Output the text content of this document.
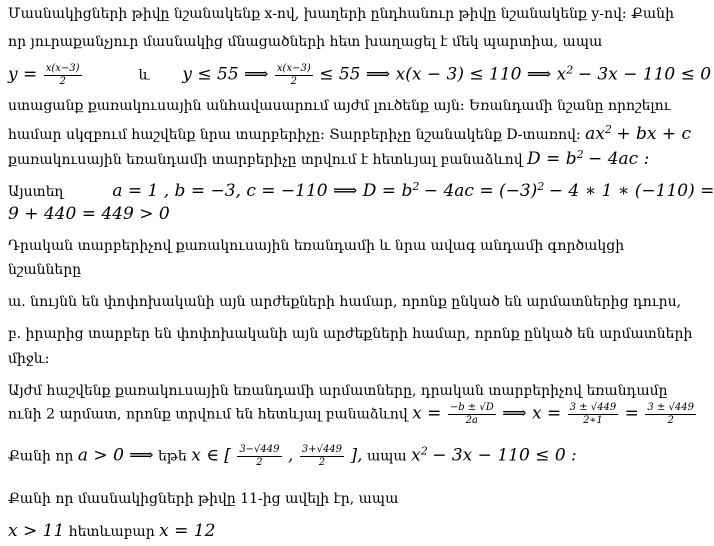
Մասնակիցների թիվը նշանակենք x-ով, խաղերի ընդհանուր թիվը նշանակենք y-ով: Քանի
որ յուրաքանչյուր մասնակից մնացածների հետ խաղացել է մեկ պարտիա, ապա
$y = \frac{x(x-3)}{2}$	և y ≤ 55 ⟹ $\frac{x(x-3)}{2} \le 55$ ⟹ x(x − 3) ≤ 110 ⟹ $x^2 - 3x - 110 \le 0$
ստացանք քառակուսային անհավասարում այժմ լուծենք այն: Եռանդամի նշանը որոշելու
համար սկզբում հաշվենք նրա տարբերիչը: Տարբերիչը նշանակենք D-տառով: $ax^2$ + bx + c
քառակուսային եռանդամի տարբերիչը տրվում է հետևյալ բանաձևով $D = b^2 - 4ac$ :
Այստեղ	a = 1 , b = −3, c = −110 ⟹ $D = b^2 - 4ac = (-3)^2 - 4$ ∗ 1 ∗ (−110) =
9 + 440 = 449 > 0
Դրական տարբերիչով քառակուսային եռանդամի և նրա ավագ անդամի գործակցի
նշանները
ա. նույնն են փոփոխականի այն արժեքների համար, որոնք ընկած են արմատներից դուրս,
բ. իրարից տարբեր են փոփոխականի այն արժեքների համար, որոնք ընկած են արմատների
միջև:
Այժմ հաշվենք քառակուսային եռանդամի արմատները, դրական տարբերիչով եռանդամը
ունի 2 արմատ, որոնք տրվում են հետևյալ բանաձևով $x = \frac{-b \pm √D}{2a}$ ⟹ $x = \frac{3 \pm √449}{2∗1} = \frac{3 \pm √449}{2}$
Քանի որ a > 0 ⟹ եթե x ∈ [ $\frac{3-√449}{2}$ , $\frac{3+√449}{2}$ ], ապա $x^2 - 3x - 110 \le 0$ :
Քանի որ մասնակիցների թիվը 11-ից ավելի էր, ապա
x > 11 հետևաբար x = 12
